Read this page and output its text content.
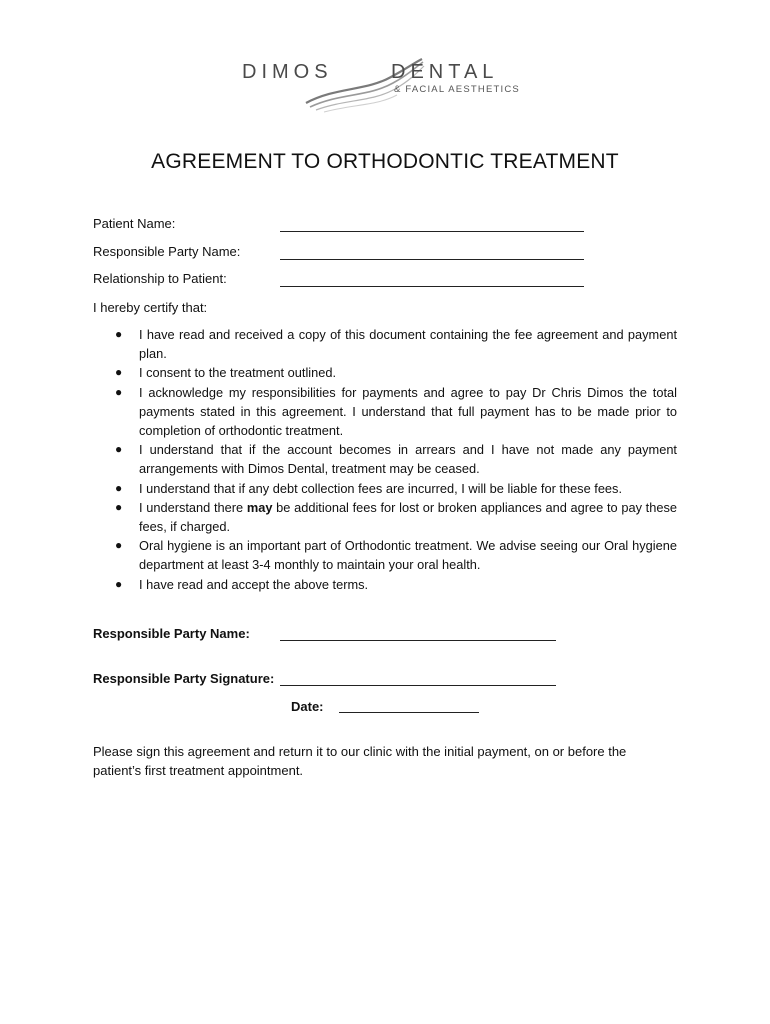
DIMOS	DENTAL
& FACIAL AESTHETICS
AGREEMENT TO ORTHODONTIC TREATMENT
Patient Name:
Responsible Party Name:
Relationship to Patient:
I hereby certify that:
● I have read and received a copy of this document containing the fee agreement and payment plan.
● I consent to the treatment outlined.
● I acknowledge my responsibilities for payments and agree to pay Dr Chris Dimos the total payments stated in this agreement. I understand that full payment has to be made prior to completion of orthodontic treatment.
● I understand that if the account becomes in arrears and I have not made any payment arrangements with Dimos Dental, treatment may be ceased.
● I understand that if any debt collection fees are incurred, I will be liable for these fees.
● I understand there may be additional fees for lost or broken appliances and agree to pay these fees, if charged.
● Oral hygiene is an important part of Orthodontic treatment. We advise seeing our Oral hygiene department at least 3-4 monthly to maintain your oral health.
● I have read and accept the above terms.
Responsible Party Name:
Responsible Party Signature:
Date:
Please sign this agreement and return it to our clinic with the initial payment, on or before the patient’s first treatment appointment.
